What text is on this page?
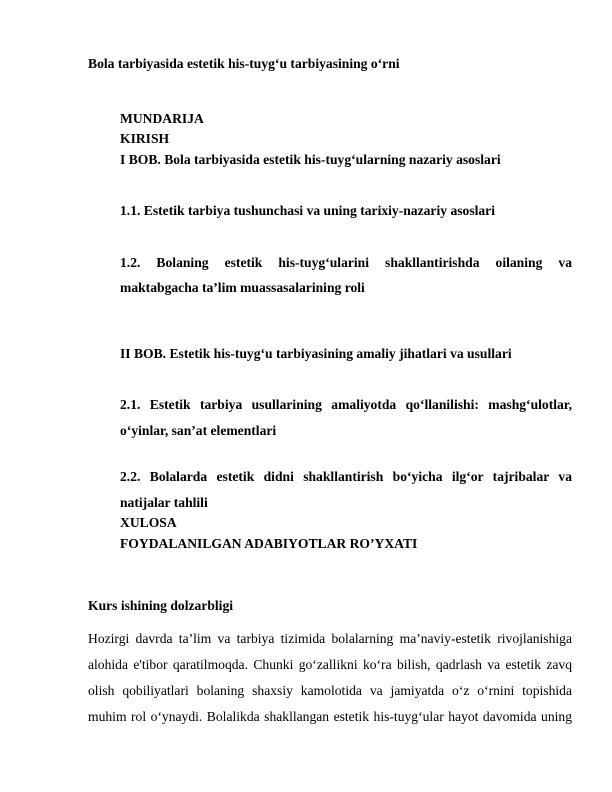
Bola tarbiyasida estetik his-tuyg‘u tarbiyasining o‘rni
MUNDARIJA
KIRISH
I BOB. Bola tarbiyasida estetik his-tuyg‘ularning nazariy asoslari
1.1. Estetik tarbiya tushunchasi va uning tarixiy-nazariy asoslari
1.2. Bolaning estetik his-tuyg‘ularini shakllantirishda oilaning va
maktabgacha ta’lim muassasalarining roli
II BOB. Estetik his-tuyg‘u tarbiyasining amaliy jihatlari va usullari
2.1. Estetik tarbiya usullarining amaliyotda qo‘llanilishi: mashg‘ulotlar,
o‘yinlar, san’at elementlari
2.2. Bolalarda estetik didni shakllantirish bo‘yicha ilg‘or tajribalar va
natijalar tahlili
XULOSA
FOYDALANILGAN ADABIYOTLAR RO’YXATI
Kurs ishining dolzarbligi
Hozirgi davrda ta’lim va tarbiya tizimida bolalarning ma’naviy-estetik rivojlanishiga
alohida e'tibor qaratilmoqda. Chunki go‘zallikni ko‘ra bilish, qadrlash va estetik zavq
olish qobiliyatlari bolaning shaxsiy kamolotida va jamiyatda o‘z o‘rnini topishida
muhim rol o‘ynaydi. Bolalikda shakllangan estetik his-tuyg‘ular hayot davomida uning
